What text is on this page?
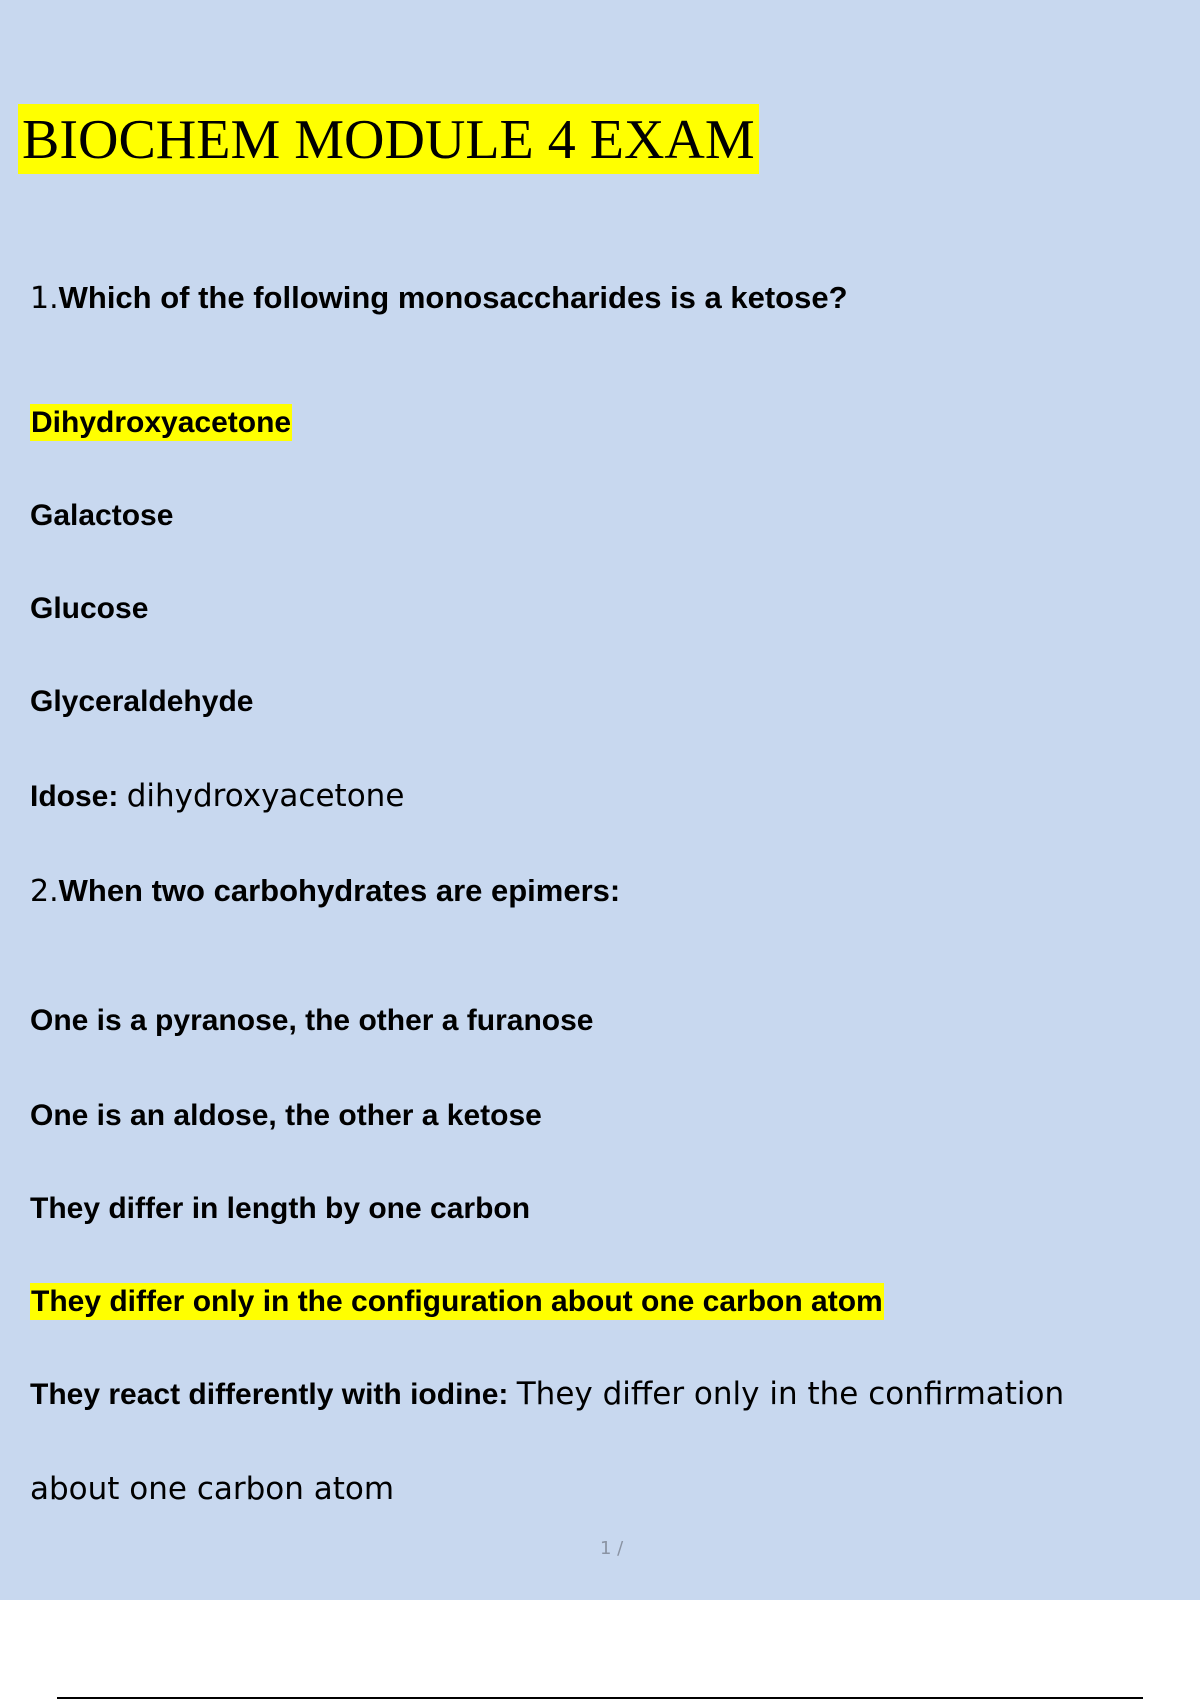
BIOCHEM MODULE 4 EXAM

1.Which of the following monosaccharides is a ketose?

Dihydroxyacetone

Galactose

Glucose

Glyceraldehyde

Idose: dihydroxyacetone

2.When two carbohydrates are epimers:

One is a pyranose, the other a furanose

One is an aldose, the other a ketose

They differ in length by one carbon

They differ only in the configuration about one carbon atom

They react differently with iodine: They differ only in the confirmation

about one carbon atom

1 /
